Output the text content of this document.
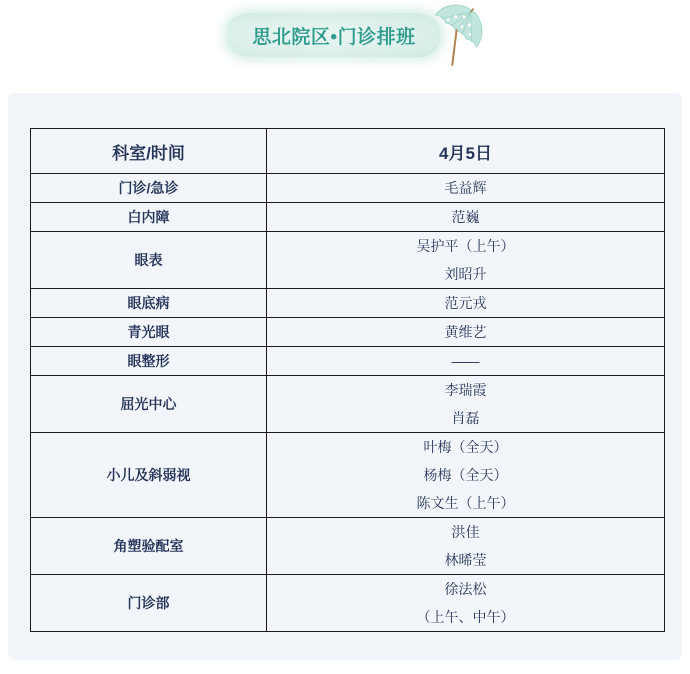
思北院区•门诊排班
科室/时间	4月5日
门诊/急诊	毛益辉

白内障	范巍

眼表	吴护平（上午）
刘昭升

眼底病	范元戎

青光眼	黄维艺

眼整形	——

屈光中心	李瑞霞
肖磊

小儿及斜弱视	叶梅（全天）
杨梅（全天）
陈文生（上午）

角塑验配室	洪佳
林晞莹

门诊部	徐法松
（上午、中午）
